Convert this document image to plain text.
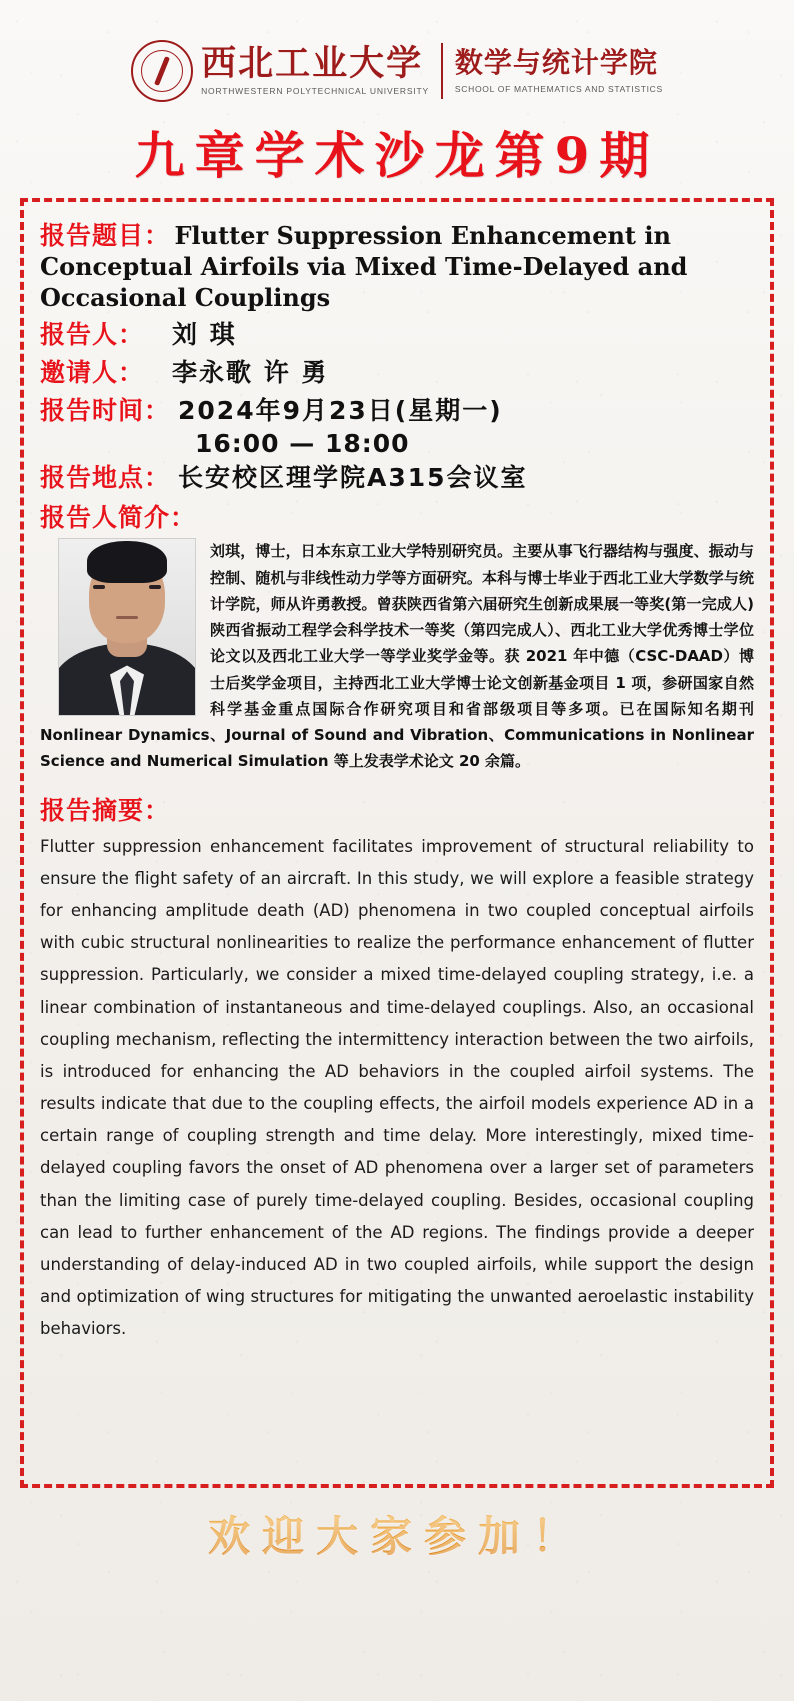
西北工业大学
NORTHWESTERN POLYTECHNICAL UNIVERSITY
数学与统计学院
SCHOOL OF MATHEMATICS AND STATISTICS
九章学术沙龙第9期
报告题目： Flutter Suppression Enhancement in Conceptual Airfoils via Mixed Time-Delayed and Occasional Couplings
报告人： 刘 琪
邀请人： 李永歌 许 勇
报告时间： 2024年9月23日(星期一)
16:00 — 18:00
报告地点： 长安校区理学院A315会议室
报告人简介：
刘琪，博士，日本东京工业大学特别研究员。主要从事飞行器结构与强度、振动与控制、随机与非线性动力学等方面研究。本科与博士毕业于西北工业大学数学与统计学院，师从许勇教授。曾获陕西省第六届研究生创新成果展一等奖(第一完成人)陕西省振动工程学会科学技术一等奖（第四完成人）、西北工业大学优秀博士学位论文以及西北工业大学一等学业奖学金等。获 2021 年中德（CSC-DAAD）博士后奖学金项目，主持西北工业大学博士论文创新基金项目 1 项，参研国家自然科学基金重点国际合作研究项目和省部级项目等多项。已在国际知名期刊 Nonlinear Dynamics、Journal of Sound and Vibration、Communications in Nonlinear Science and Numerical Simulation 等上发表学术论文 20 余篇。
报告摘要：
Flutter suppression enhancement facilitates improvement of structural reliability to ensure the flight safety of an aircraft. In this study, we will explore a feasible strategy for enhancing amplitude death (AD) phenomena in two coupled conceptual airfoils with cubic structural nonlinearities to realize the performance enhancement of flutter suppression. Particularly, we consider a mixed time-delayed coupling strategy, i.e. a linear combination of instantaneous and time-delayed couplings. Also, an occasional coupling mechanism, reflecting the intermittency interaction between the two airfoils, is introduced for enhancing the AD behaviors in the coupled airfoil systems. The results indicate that due to the coupling effects, the airfoil models experience AD in a certain range of coupling strength and time delay. More interestingly, mixed time-delayed coupling favors the onset of AD phenomena over a larger set of parameters than the limiting case of purely time-delayed coupling. Besides, occasional coupling can lead to further enhancement of the AD regions. The findings provide a deeper understanding of delay-induced AD in two coupled airfoils, while support the design and optimization of wing structures for mitigating the unwanted aeroelastic instability behaviors.
欢迎大家参加！
